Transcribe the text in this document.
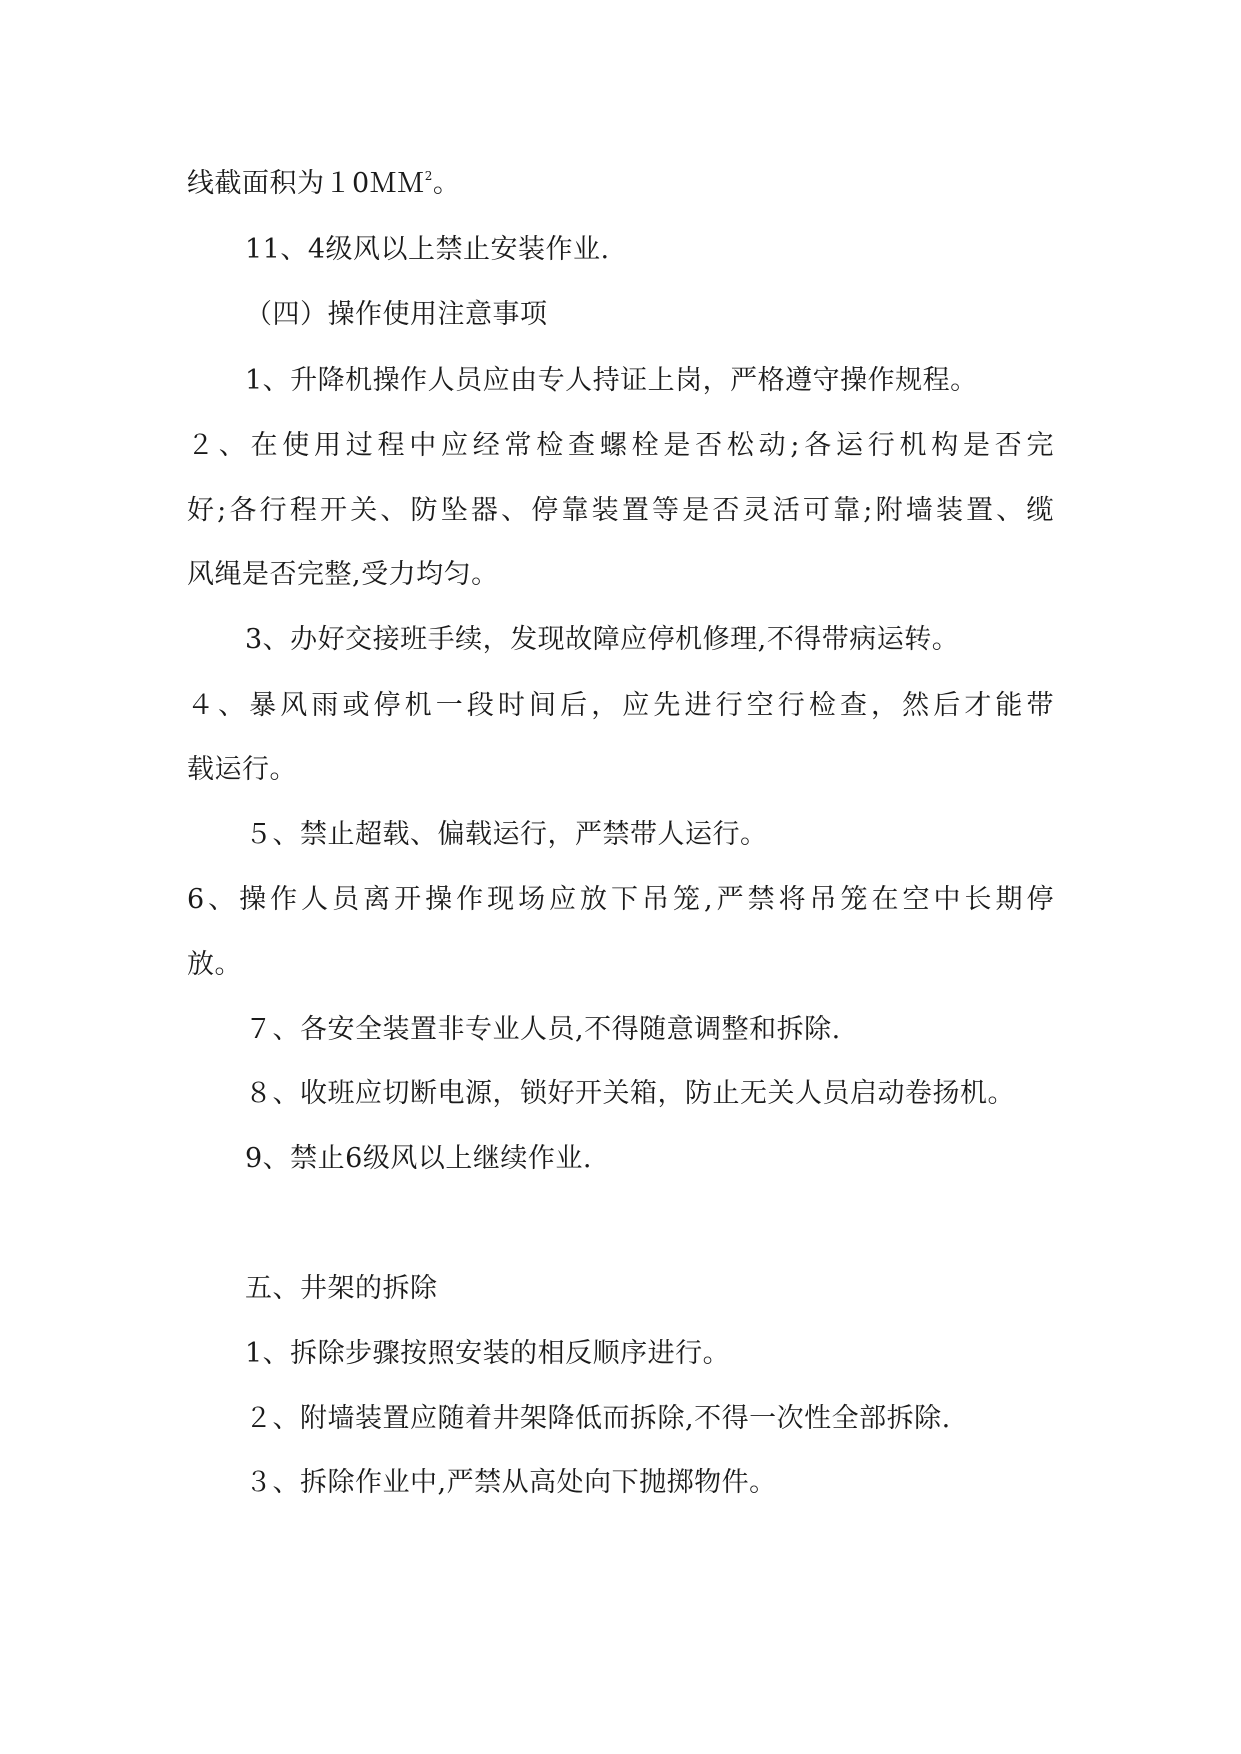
线截面积为１0ＭＭ$^2$。
11、4级风以上禁止安装作业.
（四）操作使用注意事项
1、升降机操作人员应由专人持证上岗，严格遵守操作规程。
２、在使用过程中应经常检查螺栓是否松动;各运行机构是否完
好;各行程开关、防坠器、停靠装置等是否灵活可靠;附墙装置、缆
风绳是否完整,受力均匀。
3、办好交接班手续，发现故障应停机修理,不得带病运转。
４、暴风雨或停机一段时间后，应先进行空行检查，然后才能带
载运行。
５、禁止超载、偏载运行，严禁带人运行。
6、操作人员离开操作现场应放下吊笼,严禁将吊笼在空中长期停
放。
７、各安全装置非专业人员,不得随意调整和拆除.
８、收班应切断电源，锁好开关箱，防止无关人员启动卷扬机。
9、禁止6级风以上继续作业.
五、井架的拆除
1、拆除步骤按照安装的相反顺序进行。
２、附墙装置应随着井架降低而拆除,不得一次性全部拆除.
３、拆除作业中,严禁从高处向下抛掷物件。
